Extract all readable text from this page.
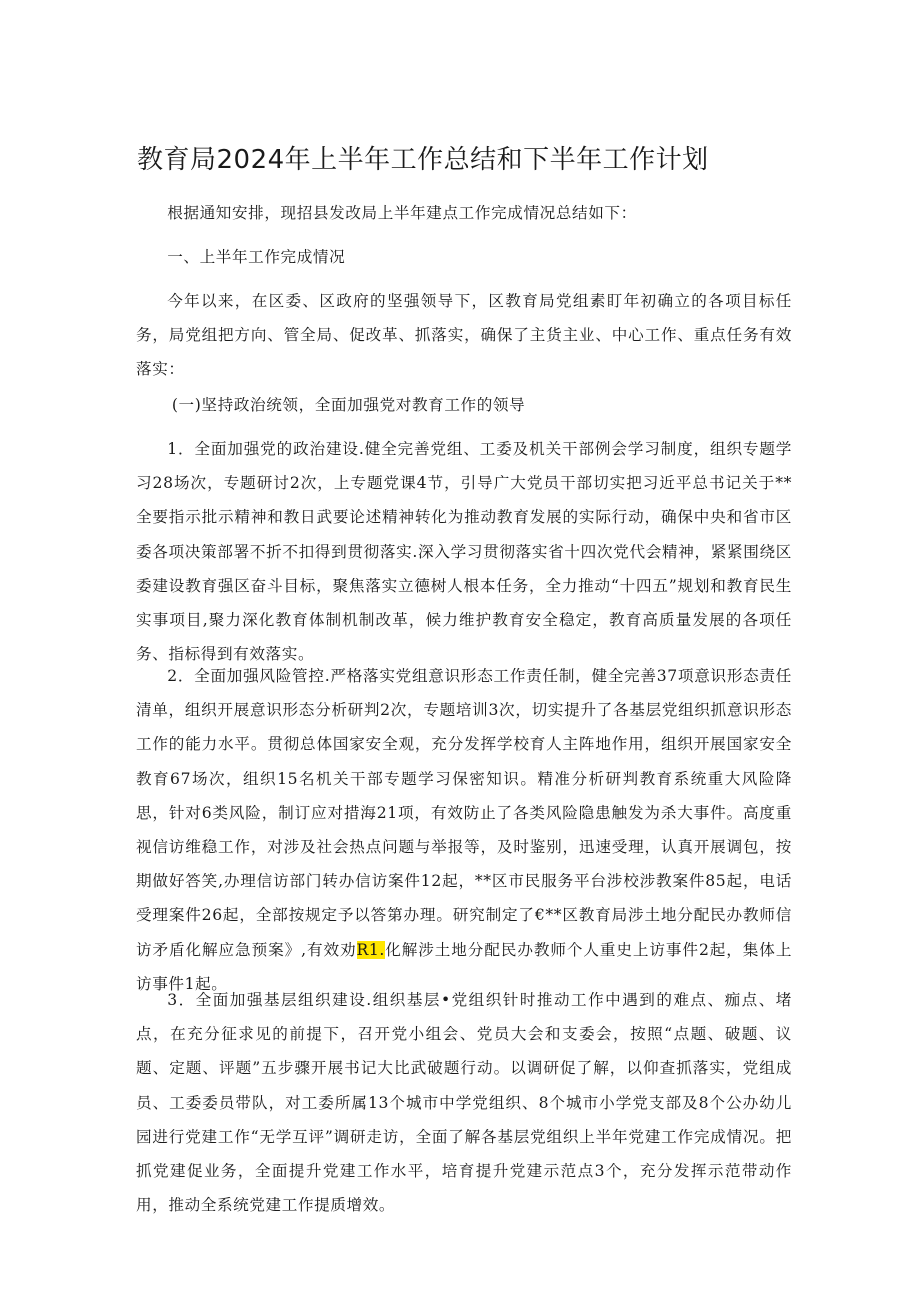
教育局2024年上半年工作总结和下半年工作计划

根据通知安排，现招县发改局上半年建点工作完成情况总结如下：

一、上半年工作完成情况

今年以来，在区委、区政府的坚强领导下，区教育局党组素盯年初确立的各项目标任务，局党组把方向、管全局、促改革、抓落实，确保了主货主业、中心工作、重点任务有效落实：

(一)坚持政治统领，全面加强党对教育工作的领导

1．全面加强党的政治建设.健全完善党组、工委及机关干部例会学习制度，组织专题学习28场次，专题研讨2次，上专题党课4节，引导广大党员干部切实把习近平总书记关于**全要指示批示精神和教日武要论述精神转化为推动教育发展的实际行动，确保中央和省市区委各项决策部署不折不扣得到贯彻落实.深入学习贯彻落实省十四次党代会精神，紧紧围绕区委建设教育强区奋斗目标，聚焦落实立德树人根本任务，全力推动“十四五”规划和教育民生实事项目,聚力深化教育体制机制改革，候力维护教育安全稳定，教育高质量发展的各项任务、指标得到有效落实。

2．全面加强风险管控.严格落实党组意识形态工作责任制，健全完善37项意识形态责任清单，组织开展意识形态分析研判2次，专题培训3次，切实提升了各基层党组织抓意识形态工作的能力水平。贯彻总体国家安全观，充分发挥学校育人主阵地作用，组织开展国家安全教育67场次，组织15名机关干部专题学习保密知识。精准分析研判教育系统重大风险降思，针对6类风险，制订应对措海21项，有效防止了各类风险隐患触发为杀大事件。高度重视信访维稳工作，对涉及社会热点问题与举报等，及时鉴别，迅速受理，认真开展调包，按期做好答笑,办理信访部门转办信访案件12起，**区市民服务平台涉校涉教案件85起，电话受理案件26起，全部按规定予以答第办理。研究制定了€**区教育局涉土地分配民办教师信访矛盾化解应急预案》,有效劝R1.化解涉土地分配民办教师个人重史上访事件2起，集体上访事件1起。

3．全面加强基层组织建设.组织基层•党组织针时推动工作中遇到的难点、痂点、堵点，在充分征求见的前提下，召开党小组会、党员大会和支委会，按照“点题、破题、议题、定题、评题”五步骤开展书记大比武破题行动。以调研促了解，以仰查抓落实，党组成员、工委委员带队，对工委所属13个城市中学党组织、8个城市小学党支部及8个公办幼儿园进行党建工作“无学互评”调研走访，全面了解各基层党组织上半年党建工作完成情况。把抓党建促业务，全面提升党建工作水平，培育提升党建示范点3个，充分发挥示范带动作用，推动全系统党建工作提质增效。
